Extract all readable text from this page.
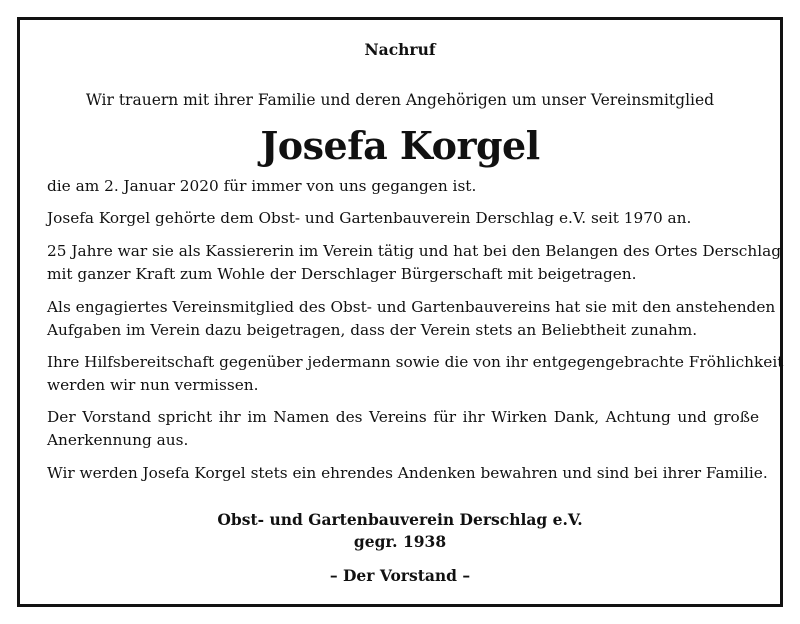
Nachruf
Wir trauern mit ihrer Familie und deren Angehörigen um unser Vereinsmitglied
Josefa Korgel
die am 2. Januar 2020 für immer von uns gegangen ist.
Josefa Korgel gehörte dem Obst- und Gartenbauverein Derschlag e.V. seit 1970 an.
25 Jahre war sie als Kassiererin im Verein tätig und hat bei den Belangen des Ortes Derschlag
mit ganzer Kraft zum Wohle der Derschlager Bürgerschaft mit beigetragen.
Als engagiertes Vereinsmitglied des Obst- und Gartenbauvereins hat sie mit den anstehenden
Aufgaben im Verein dazu beigetragen, dass der Verein stets an Beliebtheit zunahm.
Ihre Hilfsbereitschaft gegenüber jedermann sowie die von ihr entgegengebrachte Fröhlichkeit
werden wir nun vermissen.
Der Vorstand spricht ihr im Namen des Vereins für ihr Wirken Dank, Achtung und große
Anerkennung aus.
Wir werden Josefa Korgel stets ein ehrendes Andenken bewahren und sind bei ihrer Familie.
Obst- und Gartenbauverein Derschlag e.V.
gegr. 1938
– Der Vorstand –
